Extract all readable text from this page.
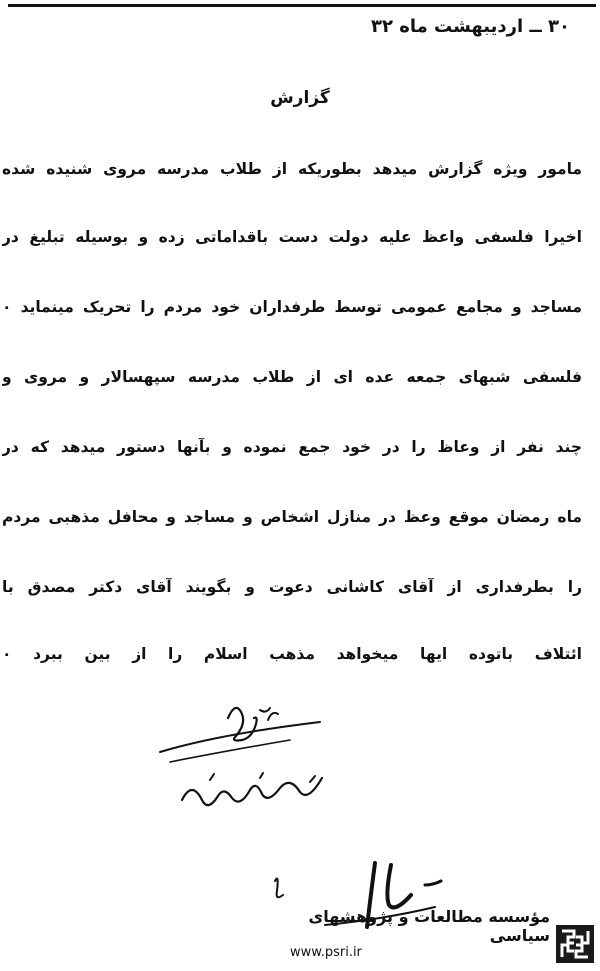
۳۰ ــ ارديبهشت ماه ۳۲
گزارش
مامور ويژه گزارش ميدهد بطوريكه از طلاب مدرسه مروی شنيده شده
اخيرا فلسفی واعظ عليه دولت دست باقداماتی زده و بوسيله تبليغ در
مساجد و مجامع عمومی توسط طرفداران خود مردم را تحريک مينمايد ٠
فلسفی شبهای جمعه عده ای از طلاب مدرسه سپهسالار و مروی و
چند نفر از وعاظ را در خود جمع نموده و بآنها دستور ميدهد که در
ماه رمضان موقع وعظ در منازل اشخاص و مساجد و محافل مذهبی مردم
را بطرفداری از آقای کاشانی دعوت و بگويند آقای دکتر مصدق با
ائتلاف باتوده ايها ميخواهد مذهب اسلام را از بين ببرد ٠
مؤسسه مطالعات و پژوهشهای سیاسی
www.psri.ir
